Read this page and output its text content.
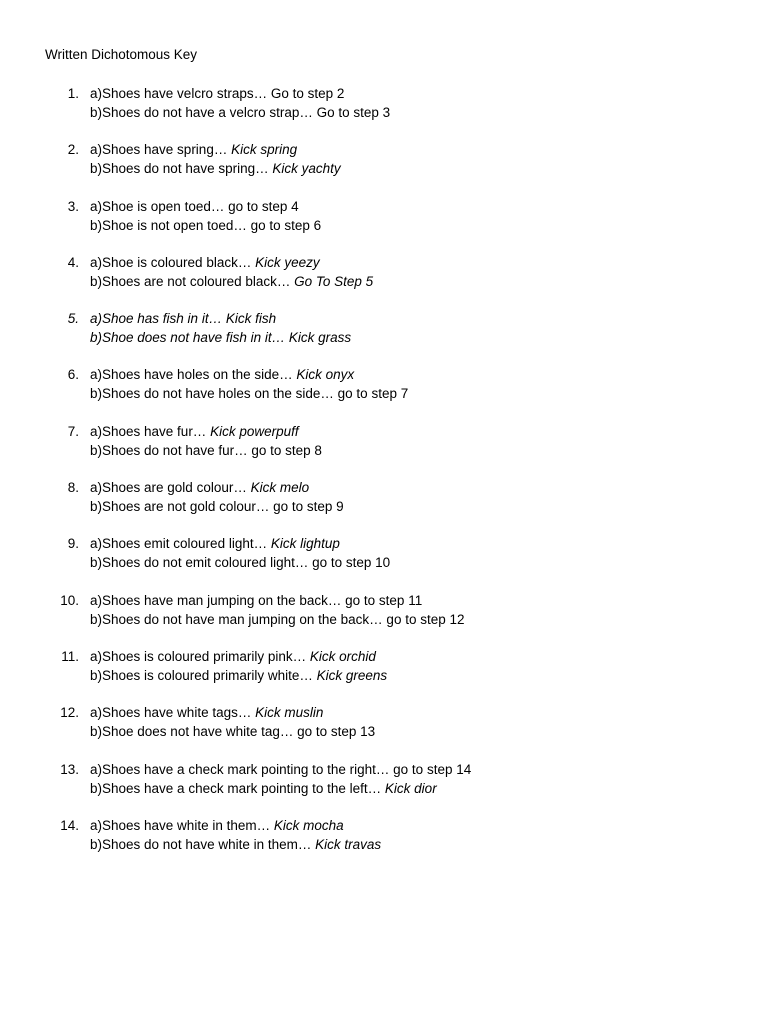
Written Dichotomous Key
1. a)Shoes have velcro straps… Go to step 2
b)Shoes do not have a velcro strap… Go to step 3
2. a)Shoes have spring… Kick spring
b)Shoes do not have spring… Kick yachty
3. a)Shoe is open toed… go to step 4
b)Shoe is not open toed… go to step 6
4. a)Shoe is coloured black… Kick yeezy
b)Shoes are not coloured black… Go To Step 5
5. a)Shoe has fish in it… Kick fish
b)Shoe does not have fish in it… Kick grass
6. a)Shoes have holes on the side… Kick onyx
b)Shoes do not have holes on the side… go to step 7
7. a)Shoes have fur… Kick powerpuff
b)Shoes do not have fur… go to step 8
8. a)Shoes are gold colour… Kick melo
b)Shoes are not gold colour… go to step 9
9. a)Shoes emit coloured light… Kick lightup
b)Shoes do not emit coloured light… go to step 10
10. a)Shoes have man jumping on the back… go to step 11
b)Shoes do not have man jumping on the back… go to step 12
11. a)Shoes is coloured primarily pink… Kick orchid
b)Shoes is coloured primarily white… Kick greens
12. a)Shoes have white tags… Kick muslin
b)Shoe does not have white tag… go to step 13
13. a)Shoes have a check mark pointing to the right… go to step 14
b)Shoes have a check mark pointing to the left… Kick dior
14. a)Shoes have white in them… Kick mocha
b)Shoes do not have white in them… Kick travas
